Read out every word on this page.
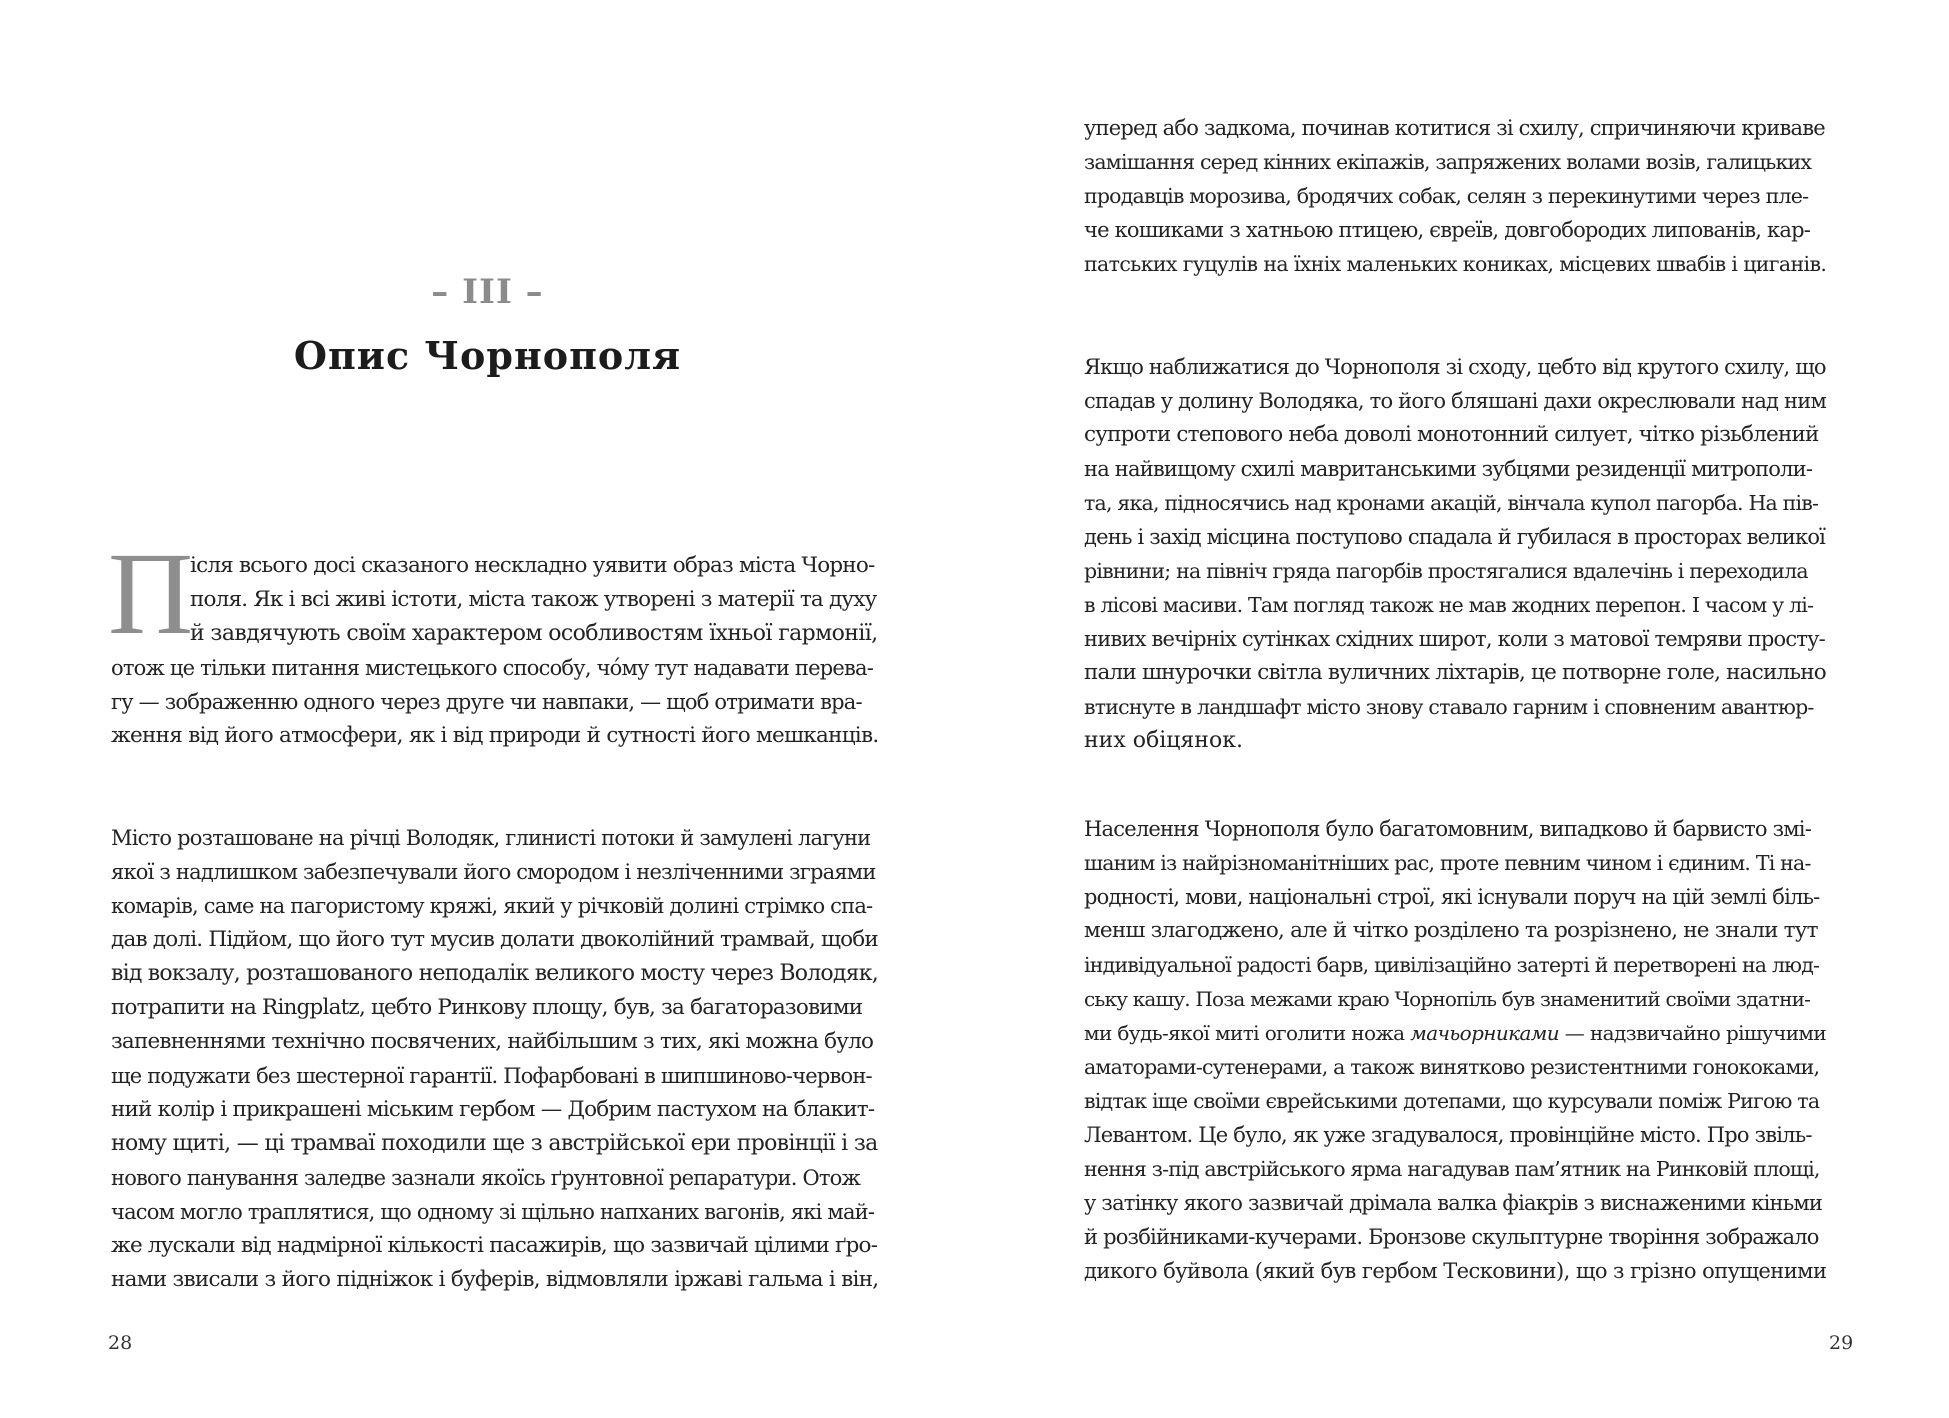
– III –
Опис Чорнополя
П
ісля всього досі сказаного нескладно уявити образ міста Чорно-
поля. Як і всі живі істоти, міста також утворені з матерії та духу
й завдячують своїм характером особливостям їхньої гармонії,
отож це тільки питання мистецького способу, чо́му тут надавати перева-
гу — зображенню одного через друге чи навпаки, — щоб отримати вра-
ження від його атмосфери, як і від природи й сутності його мешканців.
Місто розташоване на річці Володяк, глинисті потоки й замулені лагуни
якої з надлишком забезпечували його смородом і незліченними зграями
комарів, саме на пагористому кряжі, який у річковій долині стрімко спа-
дав долі. Підйом, що його тут мусив долати двоколійний трамвай, щоби
від вокзалу, розташованого неподалік великого мосту через Володяк,
потрапити на Ringplatz, цебто Ринкову площу, був, за багаторазовими
запевненнями технічно посвячених, найбільшим з тих, які можна було
ще подужати без шестерної гарантії. Пофарбовані в шипшиново-червон-
ний колір і прикрашені міським гербом — Добрим пастухом на блакит-
ному щиті, — ці трамваї походили ще з австрійської ери провінції і за
нового панування заледве зазнали якоїсь ґрунтовної репаратури. Отож
часом могло траплятися, що одному зі щільно напханих вагонів, які май-
же лускали від надмірної кількості пасажирів, що зазвичай цілими ґро-
нами звисали з його підніжок і буферів, відмовляли іржаві гальма і він,
28
уперед або задкома, починав котитися зі схилу, спричиняючи криваве
замішання серед кінних екіпажів, запряжених волами возів, галицьких
продавців морозива, бродячих собак, селян з перекинутими через пле-
че кошиками з хатньою птицею, євреїв, довгобородих липованів, кар-
патських гуцулів на їхніх маленьких кониках, місцевих швабів і циганів.
Якщо наближатися до Чорнополя зі сходу, цебто від крутого схилу, що
спадав у долину Володяка, то його бляшані дахи окреслювали над ним
супроти степового неба доволі монотонний силует, чітко різьблений
на найвищому схилі мавританськими зубцями резиденції митрополи-
та, яка, підносячись над кронами акацій, вінчала купол пагорба. На пів-
день і захід місцина поступово спадала й губилася в просторах великої
рівнини; на північ гряда пагорбів простягалися вдалечінь і переходила
в лісові масиви. Там погляд також не мав жодних перепон. І часом у лі-
нивих вечірніх сутінках східних широт, коли з матової темряви просту-
пали шнурочки світла вуличних ліхтарів, це потворне голе, насильно
втиснуте в ландшафт місто знову ставало гарним і сповненим авантюр-
них обіцянок.
Населення Чорнополя було багатомовним, випадково й барвисто змі-
шаним із найрізноманітніших рас, проте певним чином і єдиним. Ті на-
родності, мови, національні строї, які існували поруч на цій землі біль-
менш злагоджено, але й чітко розділено та розрізнено, не знали тут
індивідуальної радості барв, цивілізаційно затерті й перетворені на люд-
ську кашу. Поза межами краю Чорнопіль був знаменитий своїми здатни-
ми будь-якої миті оголити ножа мачьорниками — надзвичайно рішучими
аматорами-сутенерами, а також винятково резистентними гонококами,
відтак іще своїми єврейськими дотепами, що курсували поміж Ригою та
Левантом. Це було, як уже згадувалося, провінційне місто. Про звіль-
нення з-під австрійського ярма нагадував пам’ятник на Ринковій площі,
у затінку якого зазвичай дрімала валка фіакрів з виснаженими кіньми
й розбійниками-кучерами. Бронзове скульптурне творіння зображало
дикого буйвола (який був гербом Тесковини), що з грізно опущеними
29
